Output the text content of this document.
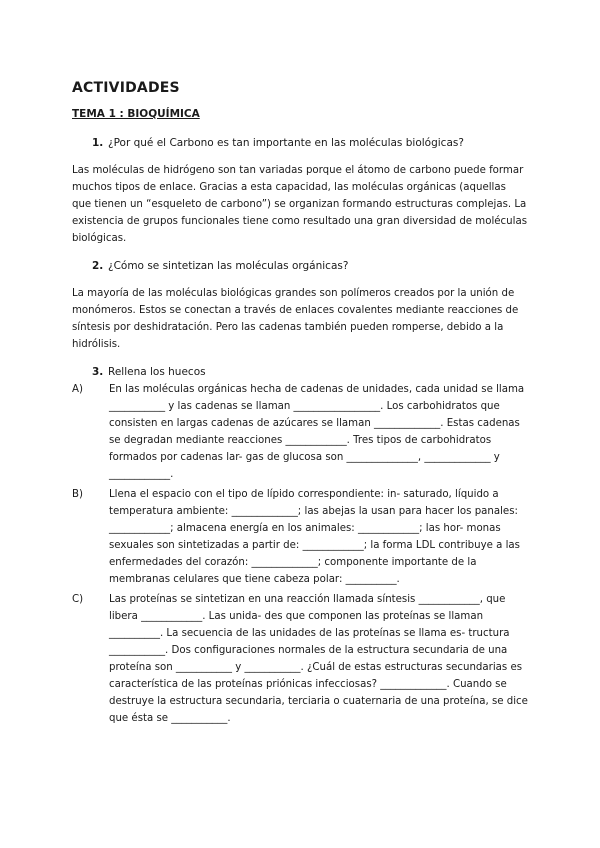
ACTIVIDADES
TEMA 1 : BIOQUÍMICA
1. ¿Por qué el Carbono es tan importante en las moléculas biológicas?

Las moléculas de hidrógeno son tan variadas porque el átomo de carbono puede formar muchos tipos de enlace. Gracias a esta capacidad, las moléculas orgánicas (aquellas que tienen un “esqueleto de carbono”) se organizan formando estructuras complejas. La existencia de grupos funcionales tiene como resultado una gran diversidad de moléculas biológicas.

2. ¿Cómo se sintetizan las moléculas orgánicas?

La mayoría de las moléculas biológicas grandes son polímeros creados por la unión de monómeros. Estos se conectan a través de enlaces covalentes mediante reacciones de síntesis por deshidratación. Pero las cadenas también pueden romperse, debido a la hidrólisis.

3. Rellena los huecos
A)	En las moléculas orgánicas hecha de cadenas de unidades, cada unidad se llama ___________ y las cadenas se llaman _________________. Los carbohidratos que consisten en largas cadenas de azúcares se llaman _____________. Estas cadenas se degradan mediante reacciones ____________. Tres tipos de carbohidratos formados por cadenas lar- gas de glucosa son ______________, _____________ y ____________.
B)	Llena el espacio con el tipo de lípido correspondiente: in- saturado, líquido a temperatura ambiente: _____________; las abejas la usan para hacer los panales: ____________; almacena energía en los animales: ____________; las hor- monas sexuales son sintetizadas a partir de: ____________; la forma LDL contribuye a las enfermedades del corazón: _____________; componente importante de la membranas celulares que tiene cabeza polar: __________.
C)	Las proteínas se sintetizan en una reacción llamada síntesis ____________, que libera ____________. Las unida- des que componen las proteínas se llaman __________. La secuencia de las unidades de las proteínas se llama es- tructura ___________. Dos configuraciones normales de la estructura secundaria de una proteína son ___________ y ___________. ¿Cuál de estas estructuras secundarias es característica de las proteínas priónicas infecciosas? _____________. Cuando se destruye la estructura secundaria, terciaria o cuaternaria de una proteína, se dice que ésta se ___________.
